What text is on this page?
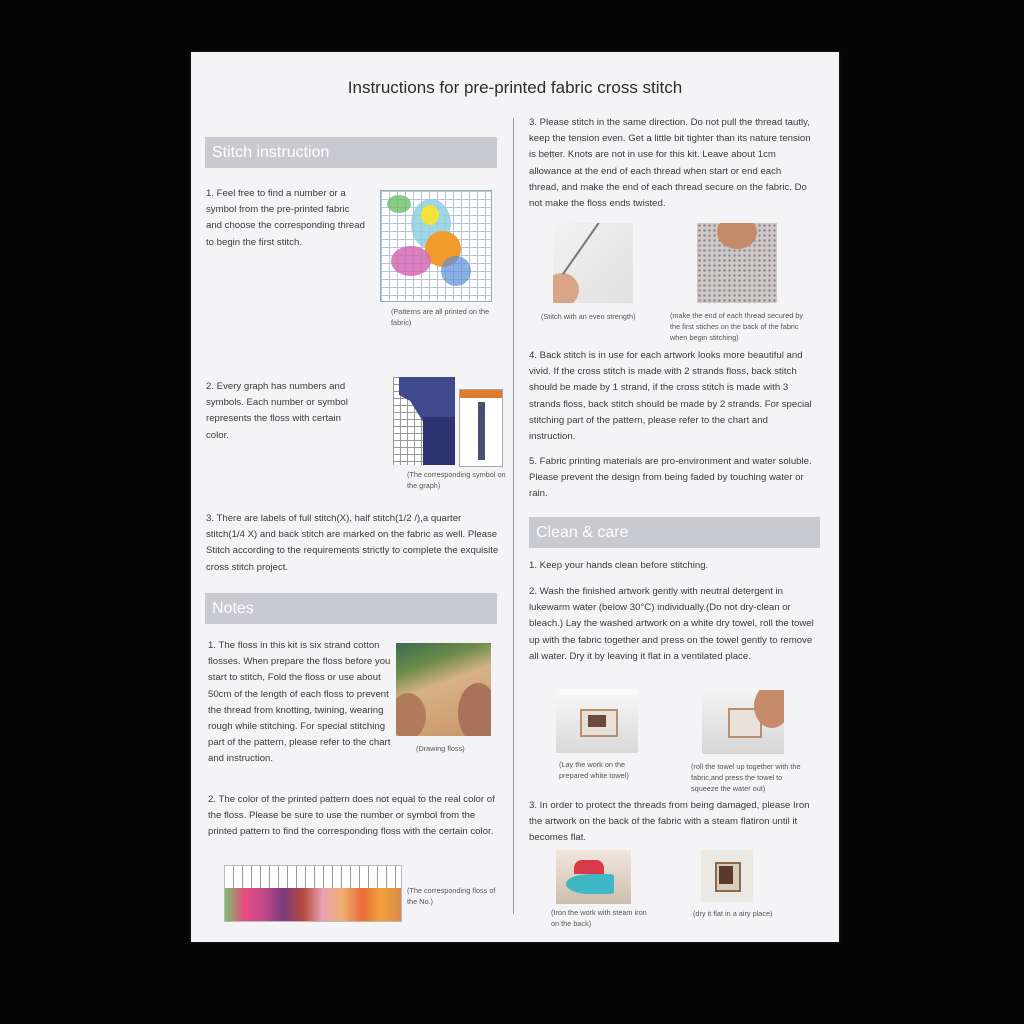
Instructions for pre-printed fabric cross stitch
Stitch instruction

1. Feel free to find a number or a symbol from the pre-printed fabric and choose the corresponding thread to begin the first stitch.

(Patterns are all printed on the fabric)

2. Every graph has numbers and symbols. Each number or symbol represents the floss with certain color.

(The corresponding symbol on the graph)

3. There are labels of full stitch(X), half stitch(1/2 /),a quarter stitch(1/4 X) and back stitch are marked on the fabric as well. Please Stitch according to the requirements strictly to complete the exquisite cross stitch project.

Notes

1. The floss in this kit is six strand cotton flosses. When prepare the floss before you start to stitch, Fold the floss or use about 50cm of the length of each floss to prevent the thread from knotting, twining, wearing rough while stitching. For special stitching part of the pattern, please refer to the chart and instruction.

(Drawing floss)

2. The color of the printed pattern does not equal to the real color of the floss. Please be sure to use the number or symbol from the printed pattern to find the corresponding floss with the certain color.

(The corresponding floss of the No.)

3. Please stitch in the same direction. Do not pull the thread tautly, keep the tension even. Get a little bit tighter than its nature tension is better. Knots are not in use for this kit. Leave about 1cm allowance at the end of each thread when start or end each thread, and make the end of each thread secure on the fabric. Do not make the floss ends twisted.

(Stitch with an even strength)	(make the end of each thread secured by the first stiches on the back of the fabric when begin stitching)

4. Back stitch is in use for each artwork looks more beautiful and vivid. If the cross stitch is made with 2 strands floss, back stitch should be made by 1 strand, if the cross stitch is made with 3 strands floss, back stitch should be made by 2 strands. For special stitching part of the pattern, please refer to the chart and instruction.

5. Fabric printing materials are pro-environment and water soluble. Please prevent the design from being faded by touching water or rain.

Clean & care

1. Keep your hands clean before stitching.

2. Wash the finished artwork gently with neutral detergent in lukewarm water (below 30°C) individually.(Do not dry-clean or bleach.) Lay the washed artwork on a white dry towel, roll the towel up with the fabric together and press on the towel gently to remove all water. Dry it by leaving it flat in a ventilated place.

(Lay the work on the prepared white towel)

(roll the towel up together with the fabric,and press the towel to squeeze the water out)

3. In order to protect the threads from being damaged, please Iron the artwork on the back of the fabric with a steam flatiron until it becomes flat.

(Iron the work with steam iron on the back)

(dry it flat in a airy place)
